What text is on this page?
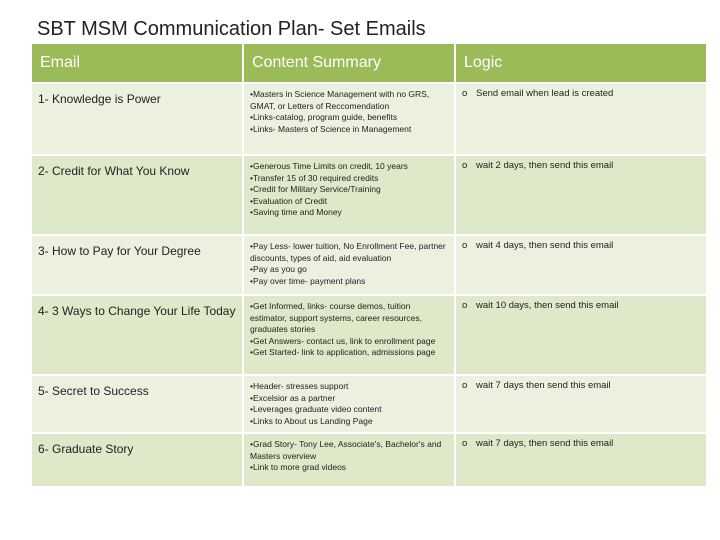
SBT MSM Communication Plan- Set Emails
Email	Content Summary	Logic
1- Knowledge is Power	•Masters in Science Management with no GRS, GMAT, or Letters of Reccomendation
•Links-catalog, program guide, benefits
•Links- Masters of Science in Management	o Send email when lead is created
2- Credit for What You Know	•Generous Time Limits on credit, 10 years
•Transfer 15 of 30 required credits
•Credit for Military Service/Training
•Evaluation of Credit
•Saving time and Money	o wait 2 days, then send this email
3- How to Pay for Your Degree	•Pay Less- lower tuition, No Enrollment Fee, partner discounts, types of aid, aid evaluation
•Pay as you go
•Pay over time- payment plans	o wait 4 days, then send this email
4- 3 Ways to Change Your Life Today	•Get Informed, links- course demos, tuition estimator, support systems, career resources, graduates stories
•Get Answers- contact us, link to enrollment page
•Get Started- link to application, admissions page	o wait 10 days, then send this email
5- Secret to Success	•Header- stresses support
•Excelsior as a partner
•Leverages graduate video content
•Links to About us Landing Page	o wait 7 days then send this email
6- Graduate Story	•Grad Story- Tony Lee, Associate's, Bachelor's and Masters overview
•Link to more grad videos	o wait 7 days, then send this email
